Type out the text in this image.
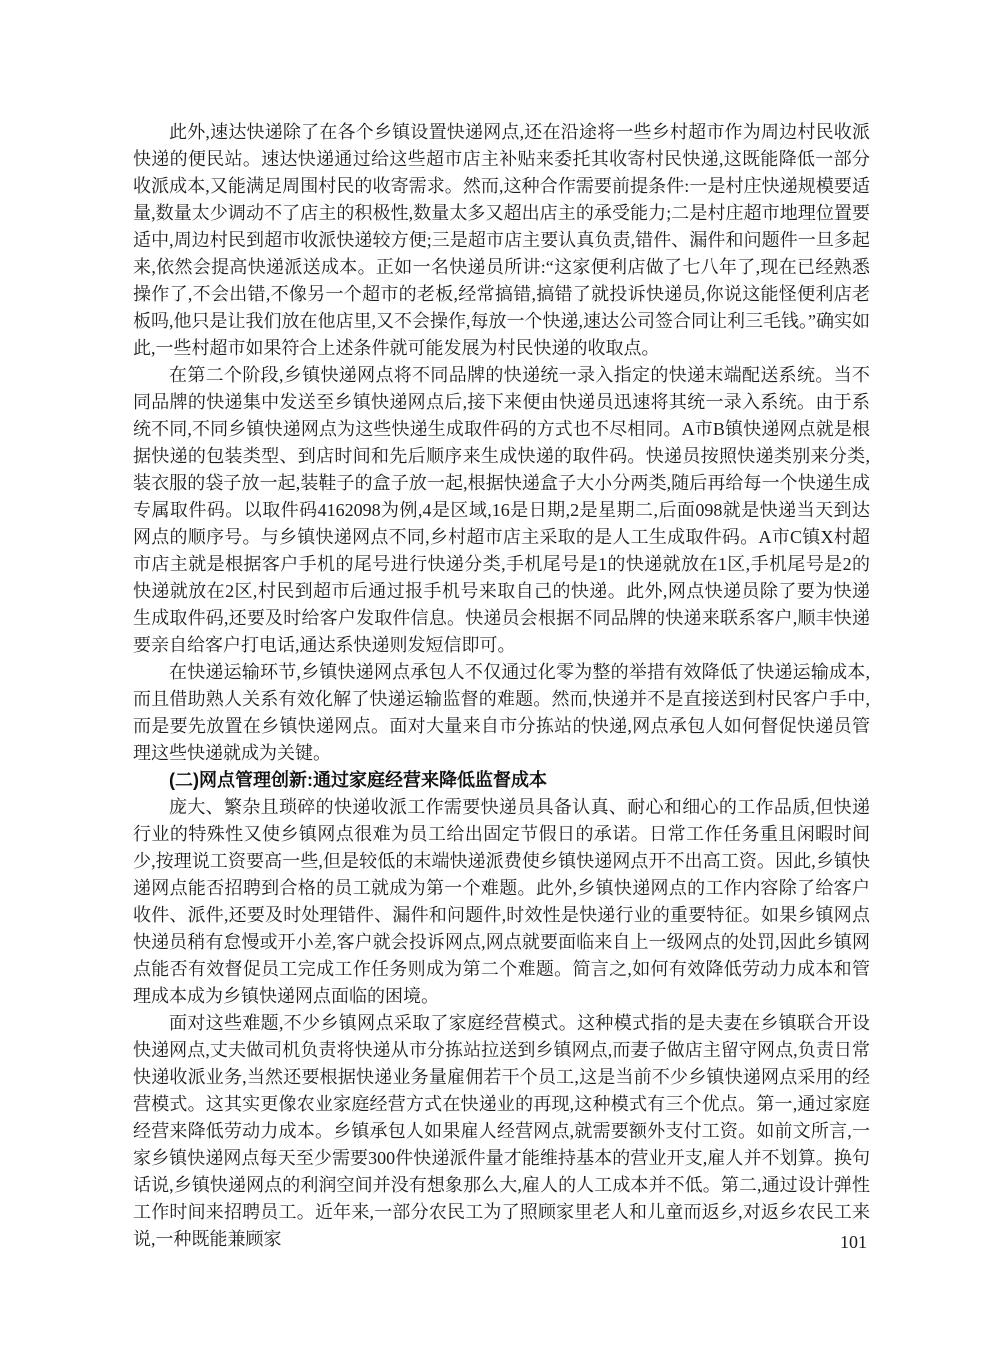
此外,速达快递除了在各个乡镇设置快递网点,还在沿途将一些乡村超市作为周边村民收派快递的便民站。速达快递通过给这些超市店主补贴来委托其收寄村民快递,这既能降低一部分收派成本,又能满足周围村民的收寄需求。然而,这种合作需要前提条件:一是村庄快递规模要适量,数量太少调动不了店主的积极性,数量太多又超出店主的承受能力;二是村庄超市地理位置要适中,周边村民到超市收派快递较方便;三是超市店主要认真负责,错件、漏件和问题件一旦多起来,依然会提高快递派送成本。正如一名快递员所讲:“这家便利店做了七八年了,现在已经熟悉操作了,不会出错,不像另一个超市的老板,经常搞错,搞错了就投诉快递员,你说这能怪便利店老板吗,他只是让我们放在他店里,又不会操作,每放一个快递,速达公司签合同让利三毛钱。”确实如此,一些村超市如果符合上述条件就可能发展为村民快递的收取点。

在第二个阶段,乡镇快递网点将不同品牌的快递统一录入指定的快递末端配送系统。当不同品牌的快递集中发送至乡镇快递网点后,接下来便由快递员迅速将其统一录入系统。由于系统不同,不同乡镇快递网点为这些快递生成取件码的方式也不尽相同。A市B镇快递网点就是根据快递的包装类型、到店时间和先后顺序来生成快递的取件码。快递员按照快递类别来分类,装衣服的袋子放一起,装鞋子的盒子放一起,根据快递盒子大小分两类,随后再给每一个快递生成专属取件码。以取件码4162098为例,4是区域,16是日期,2是星期二,后面098就是快递当天到达网点的顺序号。与乡镇快递网点不同,乡村超市店主采取的是人工生成取件码。A市C镇X村超市店主就是根据客户手机的尾号进行快递分类,手机尾号是1的快递就放在1区,手机尾号是2的快递就放在2区,村民到超市后通过报手机号来取自己的快递。此外,网点快递员除了要为快递生成取件码,还要及时给客户发取件信息。快递员会根据不同品牌的快递来联系客户,顺丰快递要亲自给客户打电话,通达系快递则发短信即可。

在快递运输环节,乡镇快递网点承包人不仅通过化零为整的举措有效降低了快递运输成本,而且借助熟人关系有效化解了快递运输监督的难题。然而,快递并不是直接送到村民客户手中,而是要先放置在乡镇快递网点。面对大量来自市分拣站的快递,网点承包人如何督促快递员管理这些快递就成为关键。

(二)网点管理创新:通过家庭经营来降低监督成本

庞大、繁杂且琐碎的快递收派工作需要快递员具备认真、耐心和细心的工作品质,但快递行业的特殊性又使乡镇网点很难为员工给出固定节假日的承诺。日常工作任务重且闲暇时间少,按理说工资要高一些,但是较低的末端快递派费使乡镇快递网点开不出高工资。因此,乡镇快递网点能否招聘到合格的员工就成为第一个难题。此外,乡镇快递网点的工作内容除了给客户收件、派件,还要及时处理错件、漏件和问题件,时效性是快递行业的重要特征。如果乡镇网点快递员稍有怠慢或开小差,客户就会投诉网点,网点就要面临来自上一级网点的处罚,因此乡镇网点能否有效督促员工完成工作任务则成为第二个难题。简言之,如何有效降低劳动力成本和管理成本成为乡镇快递网点面临的困境。

面对这些难题,不少乡镇网点采取了家庭经营模式。这种模式指的是夫妻在乡镇联合开设快递网点,丈夫做司机负责将快递从市分拣站拉送到乡镇网点,而妻子做店主留守网点,负责日常快递收派业务,当然还要根据快递业务量雇佣若干个员工,这是当前不少乡镇快递网点采用的经营模式。这其实更像农业家庭经营方式在快递业的再现,这种模式有三个优点。第一,通过家庭经营来降低劳动力成本。乡镇承包人如果雇人经营网点,就需要额外支付工资。如前文所言,一家乡镇快递网点每天至少需要300件快递派件量才能维持基本的营业开支,雇人并不划算。换句话说,乡镇快递网点的利润空间并没有想象那么大,雇人的人工成本并不低。第二,通过设计弹性工作时间来招聘员工。近年来,一部分农民工为了照顾家里老人和儿童而返乡,对返乡农民工来说,一种既能兼顾家	101
